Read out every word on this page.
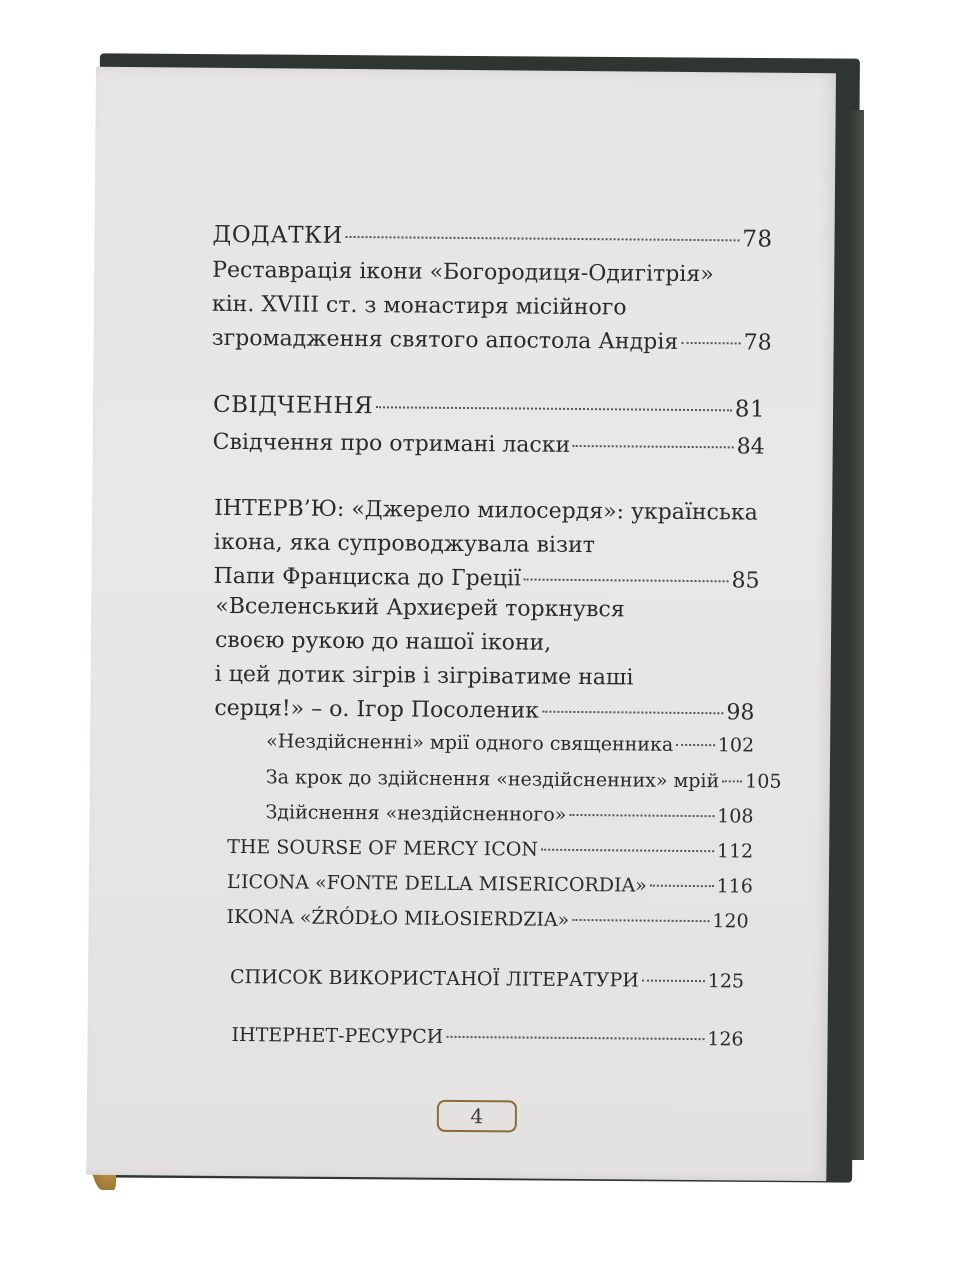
ДОДАТКИ	78
Реставрація ікони «Богородиця-Одигітрія»
кін. XVIII ст. з монастиря місійного
згромадження святого апостола Андрія	78
СВІДЧЕННЯ	81
Свідчення про отримані ласки	84
ІНТЕРВ’Ю: «Джерело милосердя»: українська
ікона, яка супроводжувала візит
Папи Франциска до Греції	85
«Вселенський Архиєрей торкнувся
своєю рукою до нашої ікони,
і цей дотик зігрів і зігріватиме наші
серця!» – о. Ігор Посоленик	98
«Нездійсненні» мрії одного священника 102
За крок до здійснення «нездійсненних» мрій 105
Здійснення «нездійсненного»	108
THE SOURSE OF MERCY ICON	112
L’ICONA «FONTE DELLA MISERICORDIA»	116
IKONA «ŹRÓDŁO MIŁOSIERDZIA»	120
СПИСОК ВИКОРИСТАНОЇ ЛІТЕРАТУРИ	125
ІНТЕРНЕТ-РЕСУРСИ	126
4
